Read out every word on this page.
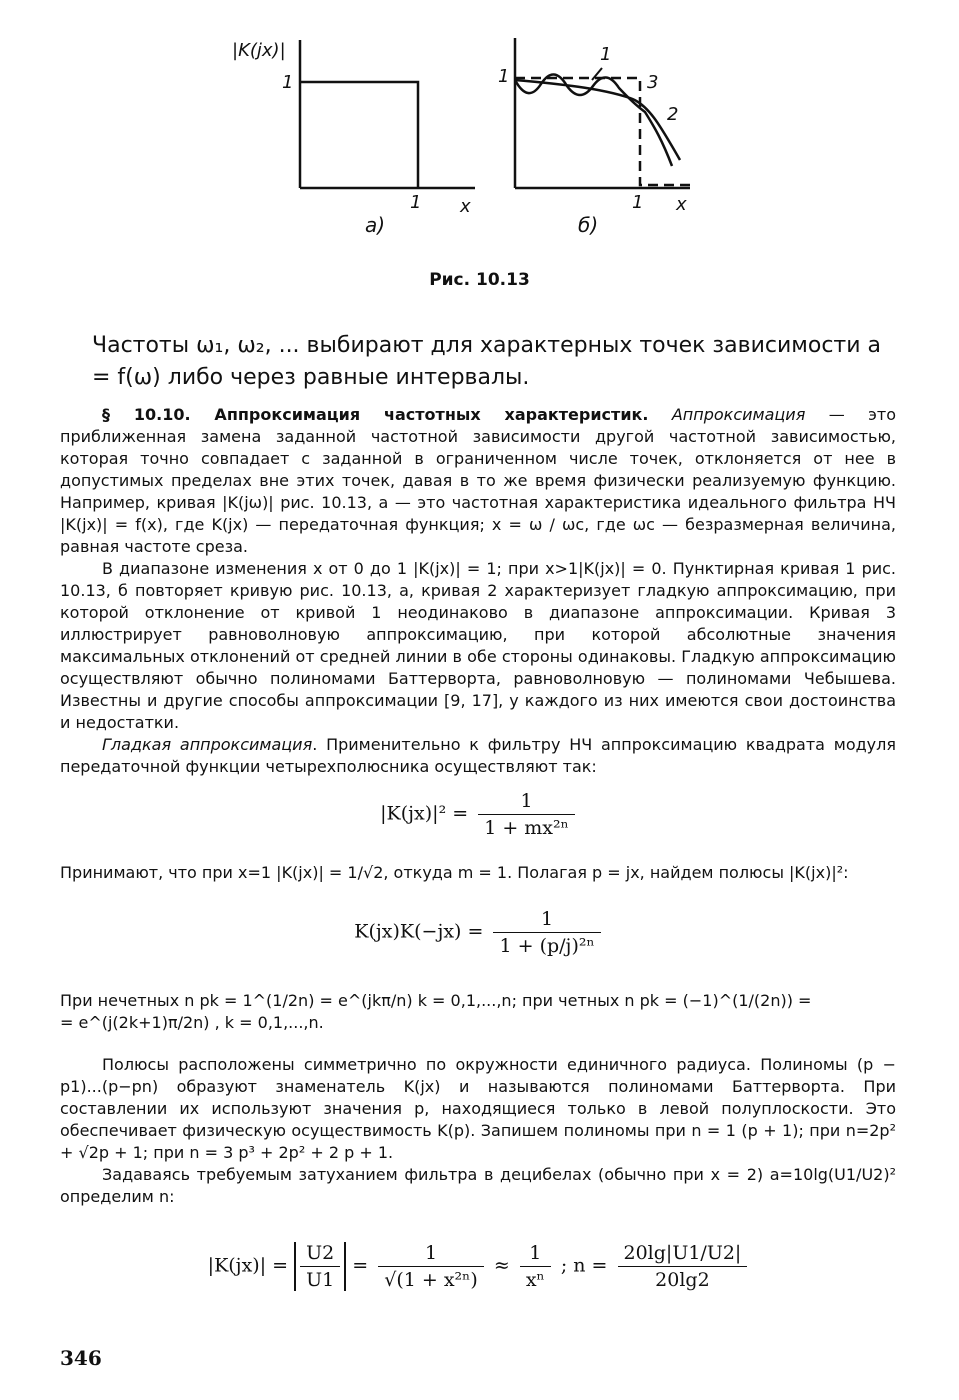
|K(jx)|
1
1 x
а)
1
1 x
б)
1
3
2
Рис. 10.13
Частоты ω₁, ω₂, ... выбирают для характерных точек зависимости a = f(ω) либо через равные интервалы.

§ 10.10. Аппроксимация частотных характеристик. Аппроксимация — это приближенная замена заданной частотной зависимости другой частотной зависимостью, которая точно совпадает с заданной в ограниченном числе точек, отклоняется от нее в допустимых пределах вне этих точек, давая в то же время физически реализуемую функцию. Например, кривая |K(jω)| рис. 10.13, а — это частотная характеристика идеального фильтра НЧ |K(jx)| = f(x), где K(jx) — передаточная функция; x = ω / ωс, где ωс — безразмерная величина, равная частоте среза.

В диапазоне изменения x от 0 до 1 |K(jx)| = 1; при x>1|K(jx)| = 0. Пунктирная кривая 1 рис. 10.13, б повторяет кривую рис. 10.13, а, кривая 2 характеризует гладкую аппроксимацию, при которой отклонение от кривой 1 неодинаково в диапазоне аппроксимации. Кривая 3 иллюстрирует равноволновую аппроксимацию, при которой абсолютные значения максимальных отклонений от средней линии в обе стороны одинаковы. Гладкую аппроксимацию осуществляют обычно полиномами Баттерворта, равноволновую — полиномами Чебышева. Известны и другие способы аппроксимации [9, 17], у каждого из них имеются свои достоинства и недостатки.

Гладкая аппроксимация. Применительно к фильтру НЧ аппроксимацию квадрата модуля передаточной функции четырехполюсника осуществляют так:

$|K(jx)|^2 = \frac{1}{\text{1 + mx²ⁿ}}$

Принимают, что при x=1 |K(jx)| = 1/√2, откуда m = 1. Полагая p = jx, найдем полюсы |K(jx)|²:

$K(jx)K(-jx) = \frac{1}{\text{1 + (p/j)²ⁿ}}$

При нечетных n pk = 1^(1/2n) = e^(jkπ/n) k = 0,1,...,n; при четных n pk = (−1)^(1/(2n)) =

= e^(j(2k+1)π/2n) , k = 0,1,...,n.

Полюсы расположены симметрично по окружности единичного радиуса. Полиномы (p − p1)...(p−pn) образуют знаменатель K(jx) и называются полиномами Баттерворта. При составлении их используют значения p, находящиеся только в левой полуплоскости. Это обеспечивает физическую осуществимость K(p). Запишем полиномы при n = 1 (p + 1); при n=2p² + √2p + 1; при n = 3 p³ + 2p² + 2 p + 1.

Задаваясь требуемым затуханием фильтра в децибелах (обычно при x = 2) a=10lg(U1/U2)² определим n:

$|K(jx)| = \frac{U2}{U1} = \frac{1}{\text{√(1 + x²ⁿ)}} \approx \frac{1}{\text{xⁿ}}$ ; $n = \frac{20\lg|U1/U2|}{20\lg 2}$
346
